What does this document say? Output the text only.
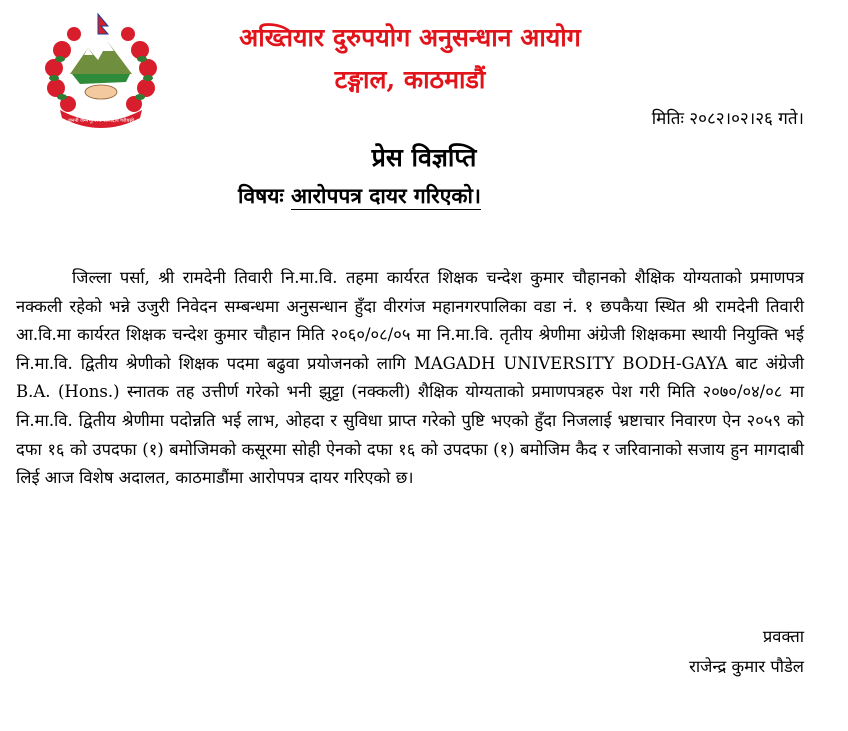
जननी जन्मभूमिश्च स्वर्गादपि गरीयसी
अख्तियार दुरुपयोग अनुसन्धान आयोग
टङ्गाल, काठमाडौं
मितिः २०८२।०२।२६ गते।
प्रेस विज्ञप्ति
विषयः आरोपपत्र दायर गरिएको।
जिल्ला पर्सा, श्री रामदेनी तिवारी नि.मा.वि. तहमा कार्यरत शिक्षक चन्देश कुमार चौहानको शैक्षिक योग्यताको प्रमाणपत्र नक्कली रहेको भन्ने उजुरी निवेदन सम्बन्धमा अनुसन्धान हुँदा वीरगंज महानगरपालिका वडा नं. १ छपकैया स्थित श्री रामदेनी तिवारी आ.वि.मा कार्यरत शिक्षक चन्देश कुमार चौहान मिति २०६०/०८/०५ मा नि.मा.वि. तृतीय श्रेणीमा अंग्रेजी शिक्षकमा स्थायी नियुक्ति भई नि.मा.वि. द्वितीय श्रेणीको शिक्षक पदमा बढुवा प्रयोजनको लागि MAGADH UNIVERSITY BODH-GAYA बाट अंग्रेजी B.A. (Hons.) स्नातक तह उत्तीर्ण गरेको भनी झुट्टा (नक्कली) शैक्षिक योग्यताको प्रमाणपत्रहरु पेश गरी मिति २०७०/०४/०८ मा नि.मा.वि. द्वितीय श्रेणीमा पदोन्नति भई लाभ, ओहदा र सुविधा प्राप्त गरेको पुष्टि भएको हुँदा निजलाई भ्रष्टाचार निवारण ऐन २०५९ को दफा १६ को उपदफा (१) बमोजिमको कसूरमा सोही ऐनको दफा १६ को उपदफा (१) बमोजिम कैद र जरिवानाको सजाय हुन मागदाबी लिई आज विशेष अदालत, काठमाडौंमा आरोपपत्र दायर गरिएको छ।
प्रवक्ता
राजेन्द्र कुमार पौडेल
